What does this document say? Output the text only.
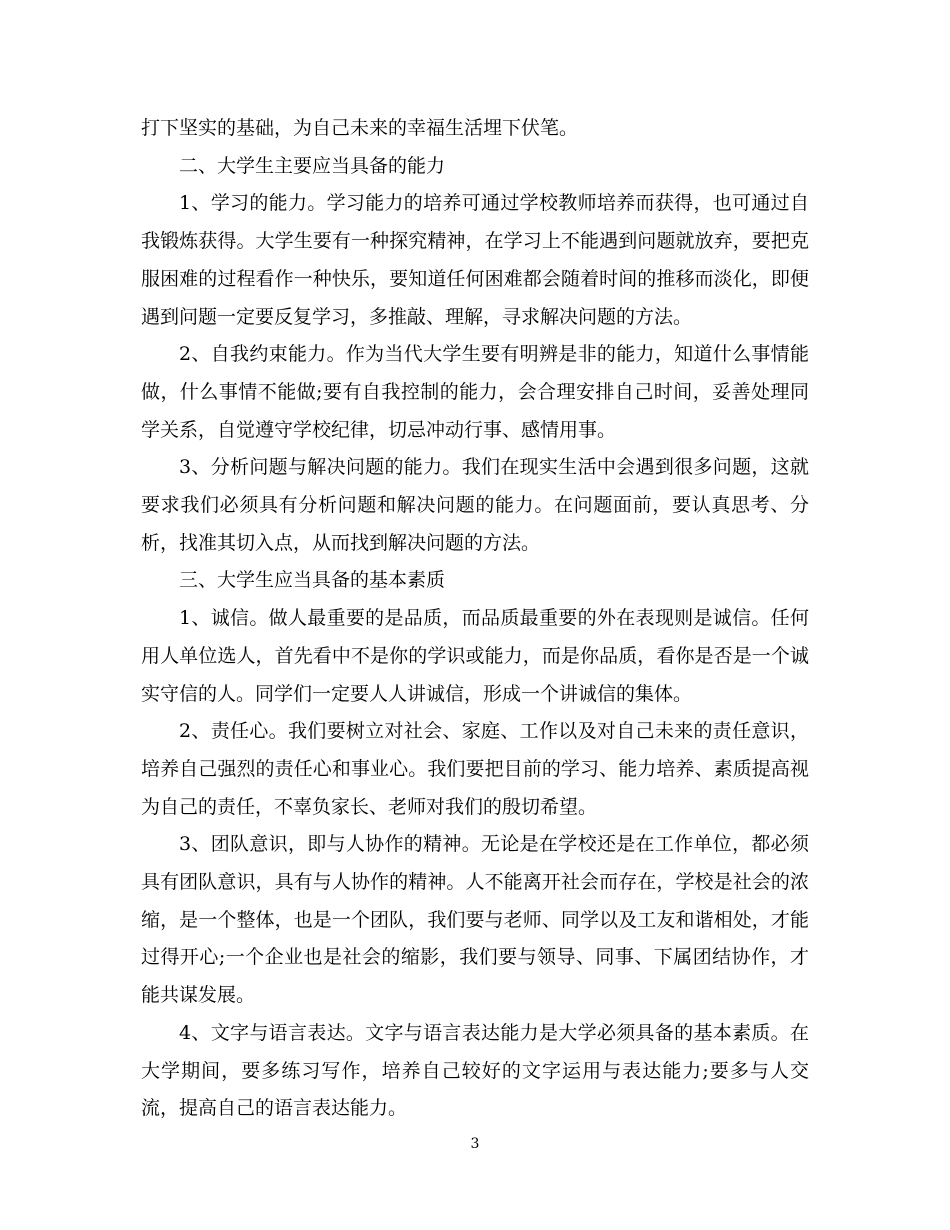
打下坚实的基础，为自己未来的幸福生活埋下伏笔。

二、大学生主要应当具备的能力

1、学习的能力。学习能力的培养可通过学校教师培养而获得，也可通过自我锻炼获得。大学生要有一种探究精神，在学习上不能遇到问题就放弃，要把克服困难的过程看作一种快乐，要知道任何困难都会随着时间的推移而淡化，即便遇到问题一定要反复学习，多推敲、理解，寻求解决问题的方法。

2、自我约束能力。作为当代大学生要有明辨是非的能力，知道什么事情能做，什么事情不能做;要有自我控制的能力，会合理安排自己时间，妥善处理同学关系，自觉遵守学校纪律，切忌冲动行事、感情用事。

3、分析问题与解决问题的能力。我们在现实生活中会遇到很多问题，这就要求我们必须具有分析问题和解决问题的能力。在问题面前，要认真思考、分析，找准其切入点，从而找到解决问题的方法。

三、大学生应当具备的基本素质

1、诚信。做人最重要的是品质，而品质最重要的外在表现则是诚信。任何用人单位选人，首先看中不是你的学识或能力，而是你品质，看你是否是一个诚实守信的人。同学们一定要人人讲诚信，形成一个讲诚信的集体。

2、责任心。我们要树立对社会、家庭、工作以及对自己未来的责任意识，培养自己强烈的责任心和事业心。我们要把目前的学习、能力培养、素质提高视为自己的责任，不辜负家长、老师对我们的殷切希望。

3、团队意识，即与人协作的精神。无论是在学校还是在工作单位，都必须具有团队意识，具有与人协作的精神。人不能离开社会而存在，学校是社会的浓缩，是一个整体，也是一个团队，我们要与老师、同学以及工友和谐相处，才能过得开心;一个企业也是社会的缩影，我们要与领导、同事、下属团结协作，才能共谋发展。

4、文字与语言表达。文字与语言表达能力是大学必须具备的基本素质。在大学期间，要多练习写作，培养自己较好的文字运用与表达能力;要多与人交流，提高自己的语言表达能力。

3
